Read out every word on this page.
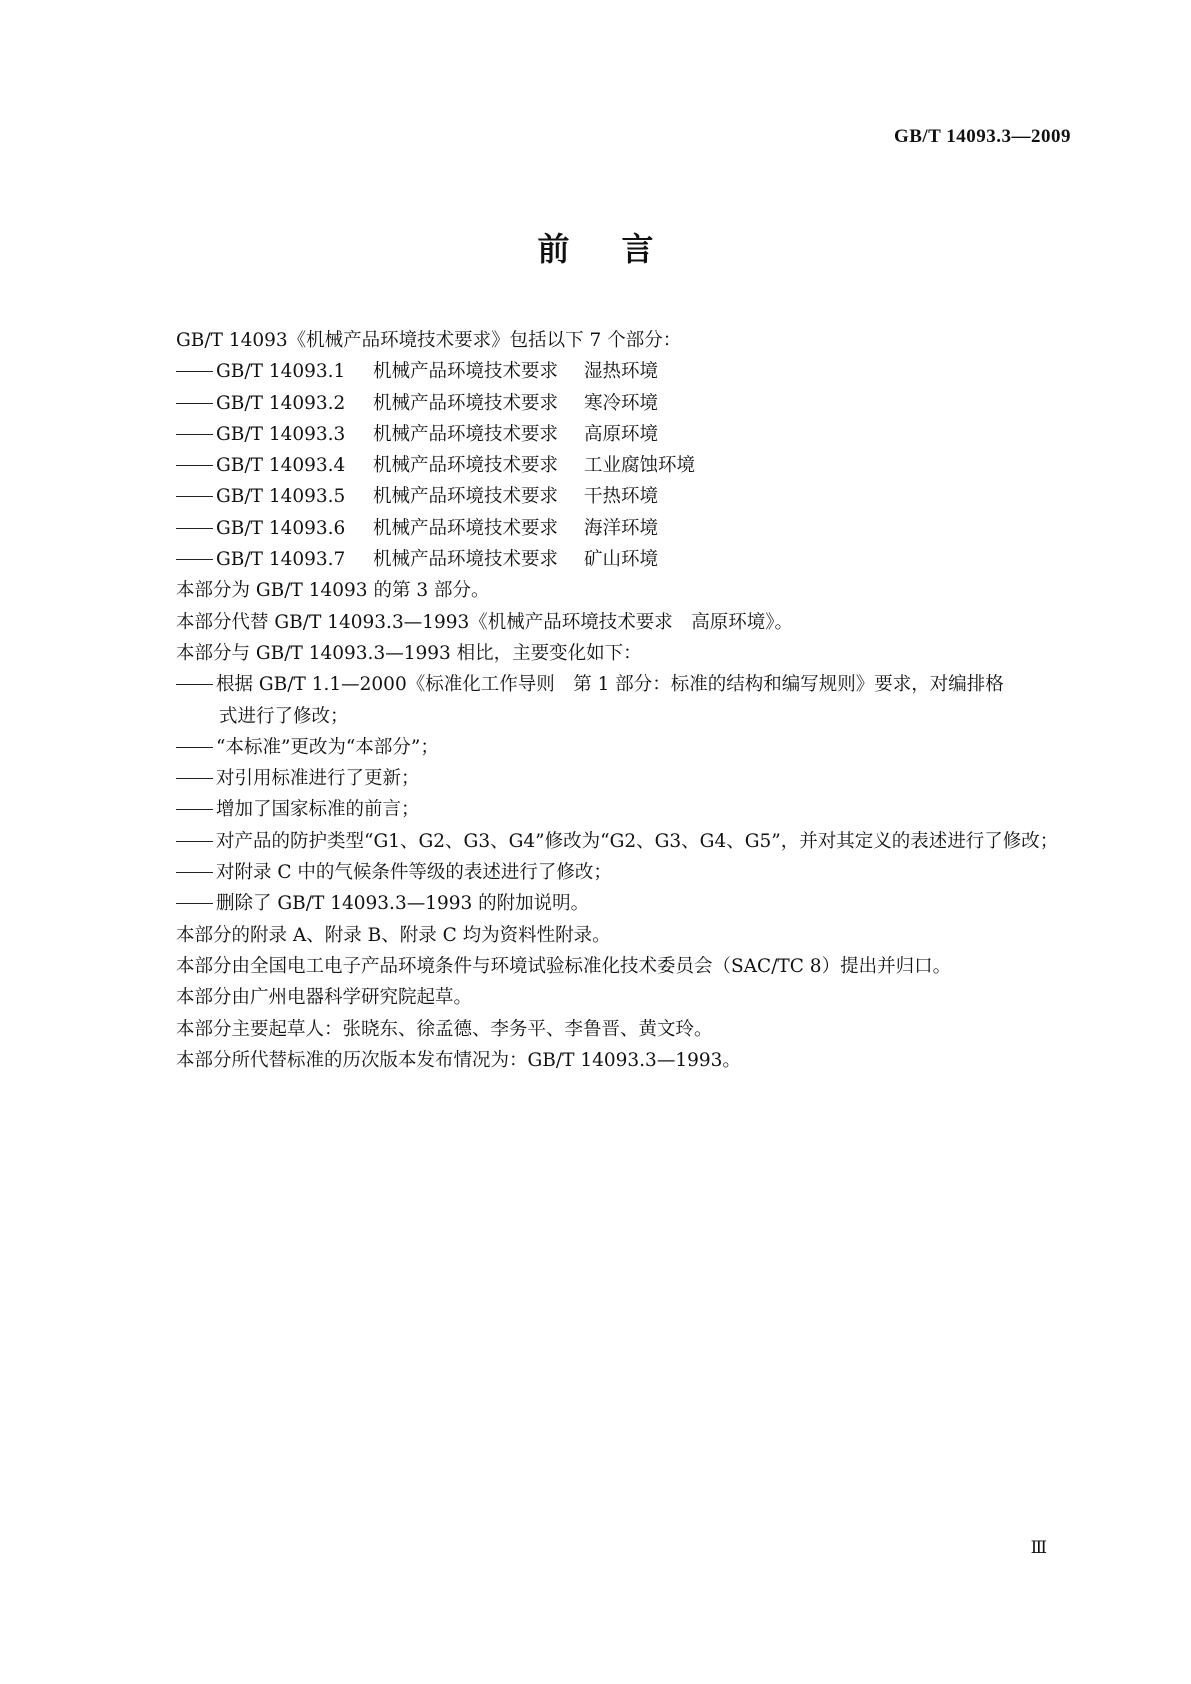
GB/T 14093.3—2009
前 言
GB/T 14093《机械产品环境技术要求》包括以下 7 个部分：
GB/T 14093.1 机械产品环境技术要求 湿热环境
GB/T 14093.2 机械产品环境技术要求 寒冷环境
GB/T 14093.3 机械产品环境技术要求 高原环境
GB/T 14093.4 机械产品环境技术要求 工业腐蚀环境
GB/T 14093.5 机械产品环境技术要求 干热环境
GB/T 14093.6 机械产品环境技术要求 海洋环境
GB/T 14093.7 机械产品环境技术要求 矿山环境
本部分为 GB/T 14093 的第 3 部分。
本部分代替 GB/T 14093.3—1993《机械产品环境技术要求　高原环境》。
本部分与 GB/T 14093.3—1993 相比，主要变化如下：
根据 GB/T 1.1—2000《标准化工作导则　第 1 部分：标准的结构和编写规则》要求，对编排格
式进行了修改；
“本标准”更改为“本部分”；
对引用标准进行了更新；
增加了国家标准的前言；
对产品的防护类型“G1、G2、G3、G4”修改为“G2、G3、G4、G5”，并对其定义的表述进行了修改；
对附录 C 中的气候条件等级的表述进行了修改；
删除了 GB/T 14093.3—1993 的附加说明。
本部分的附录 A、附录 B、附录 C 均为资料性附录。
本部分由全国电工电子产品环境条件与环境试验标准化技术委员会（SAC/TC 8）提出并归口。
本部分由广州电器科学研究院起草。
本部分主要起草人：张晓东、徐孟德、李务平、李鲁晋、黄文玲。
本部分所代替标准的历次版本发布情况为：GB/T 14093.3—1993。
Ⅲ
